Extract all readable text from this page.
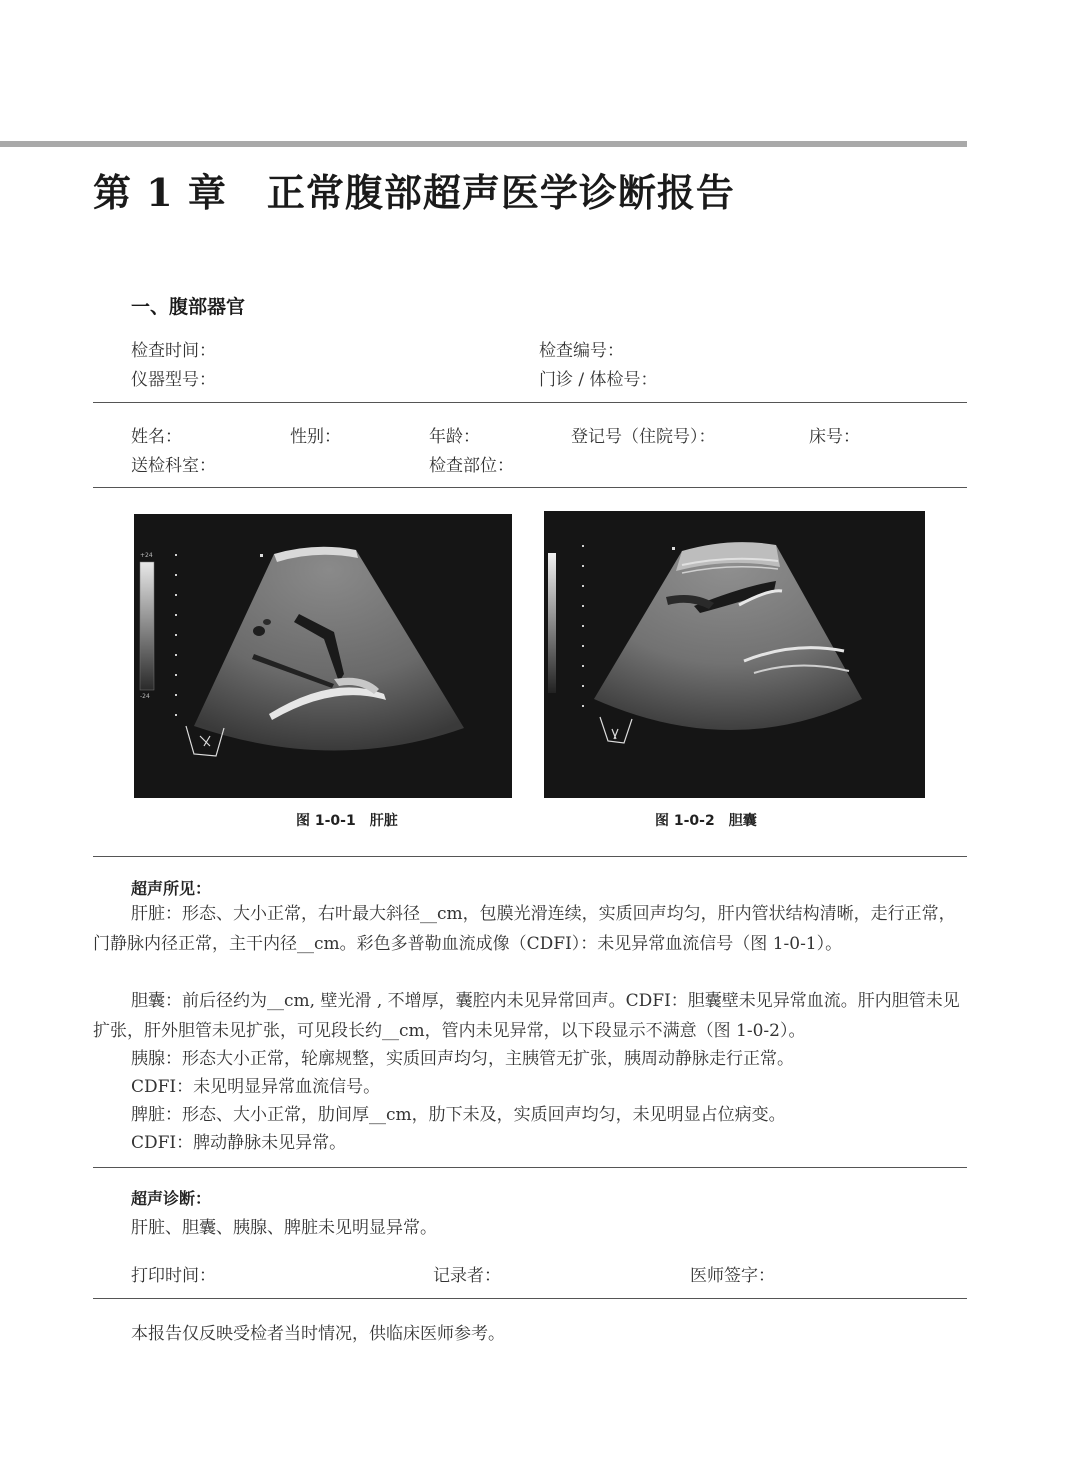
第 1 章 正常腹部超声医学诊断报告
一、腹部器官
检查时间：	检查编号：
仪器型号：	门诊 / 体检号：
姓名：	性别：	年龄：	登记号（住院号）：	床号：
送检科室：	检查部位：
+24
-24
图 1-0-1 肝脏	图 1-0-2 胆囊
超声所见：
肝脏：形态、大小正常，右叶最大斜径__cm，包膜光滑连续，实质回声均匀，肝内管状结构清晰，走行正常，门静脉内径正常，主干内径__cm。彩色多普勒血流成像（CDFI）：未见异常血流信号（图 1-0-1）。
胆囊：前后径约为__cm, 壁光滑 , 不增厚，囊腔内未见异常回声。CDFI：胆囊壁未见异常血流。肝内胆管未见扩张，肝外胆管未见扩张，可见段长约__cm，管内未见异常，以下段显示不满意（图 1-0-2）。
胰腺：形态大小正常，轮廓规整，实质回声均匀，主胰管无扩张，胰周动静脉走行正常。
CDFI：未见明显异常血流信号。
脾脏：形态、大小正常，肋间厚__cm，肋下未及，实质回声均匀，未见明显占位病变。
CDFI：脾动静脉未见异常。
超声诊断：
肝脏、胆囊、胰腺、脾脏未见明显异常。
打印时间：	记录者：	医师签字：
本报告仅反映受检者当时情况，供临床医师参考。
